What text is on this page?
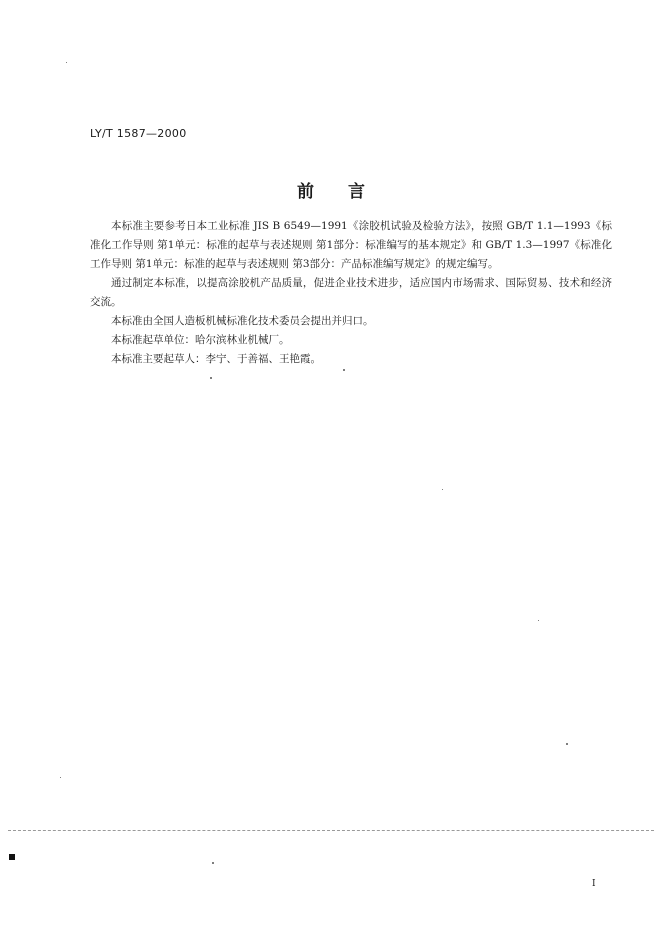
LY/T 1587—2000
前言

本标准主要参考日本工业标准 JIS B 6549—1991《涂胶机试验及检验方法》，按照 GB/T 1.1—1993《标准化工作导则 第1单元：标准的起草与表述规则 第1部分：标准编写的基本规定》和 GB/T 1.3—1997《标准化工作导则 第1单元：标准的起草与表述规则 第3部分：产品标准编写规定》的规定编写。

通过制定本标准，以提高涂胶机产品质量，促进企业技术进步，适应国内市场需求、国际贸易、技术和经济交流。

本标准由全国人造板机械标准化技术委员会提出并归口。

本标准起草单位：哈尔滨林业机械厂。

本标准主要起草人：李宁、于善福、王艳霞。

I
